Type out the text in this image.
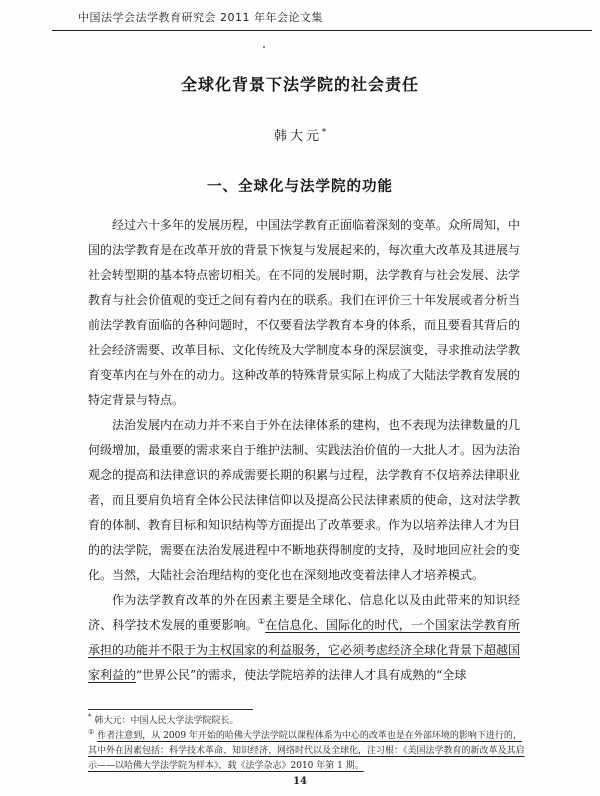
中国法学会法学教育研究会 2011 年年会论文集
全球化背景下法学院的社会责任
韩大元*
一、全球化与法学院的功能

经过六十多年的发展历程，中国法学教育正面临着深刻的变革。众所周知，中国的法学教育是在改革开放的背景下恢复与发展起来的，每次重大改革及其进展与社会转型期的基本特点密切相关。在不同的发展时期，法学教育与社会发展、法学教育与社会价值观的变迁之间有着内在的联系。我们在评价三十年发展或者分析当前法学教育面临的各种问题时，不仅要看法学教育本身的体系，而且要看其背后的社会经济需要、改革目标、文化传统及大学制度本身的深层演变，寻求推动法学教育变革内在与外在的动力。这种改革的特殊背景实际上构成了大陆法学教育发展的特定背景与特点。

法治发展内在动力并不来自于外在法律体系的建构，也不表现为法律数量的几何级增加，最重要的需求来自于维护法制、实践法治价值的一大批人才。因为法治观念的提高和法律意识的养成需要长期的积累与过程，法学教育不仅培养法律职业者，而且要肩负培育全体公民法律信仰以及提高公民法律素质的使命，这对法学教育的体制、教育目标和知识结构等方面提出了改革要求。作为以培养法律人才为目的的法学院，需要在法治发展进程中不断地获得制度的支持，及时地回应社会的变化。当然，大陆社会治理结构的变化也在深刻地改变着法律人才培养模式。

作为法学教育改革的外在因素主要是全球化、信息化以及由此带来的知识经济、科学技术发展的重要影响。①在信息化、国际化的时代，一个国家法学教育所承担的功能并不限于为主权国家的利益服务，它必须考虑经济全球化背景下超越国家利益的“世界公民”的需求，使法学院培养的法律人才具有成熟的“全球

* 韩大元：中国人民大学法学院院长。

① 作者注意到，从 2009 年开始的哈佛大学法学院以课程体系为中心的改革也是在外部环境的影响下进行的，其中外在因素包括：科学技术革命、知识经济、网络时代以及全球化，注习根：《美国法学教育的新改革及其启示——以哈佛大学法学院为样本》，载《法学杂志》2010 年第 1 期。

14
